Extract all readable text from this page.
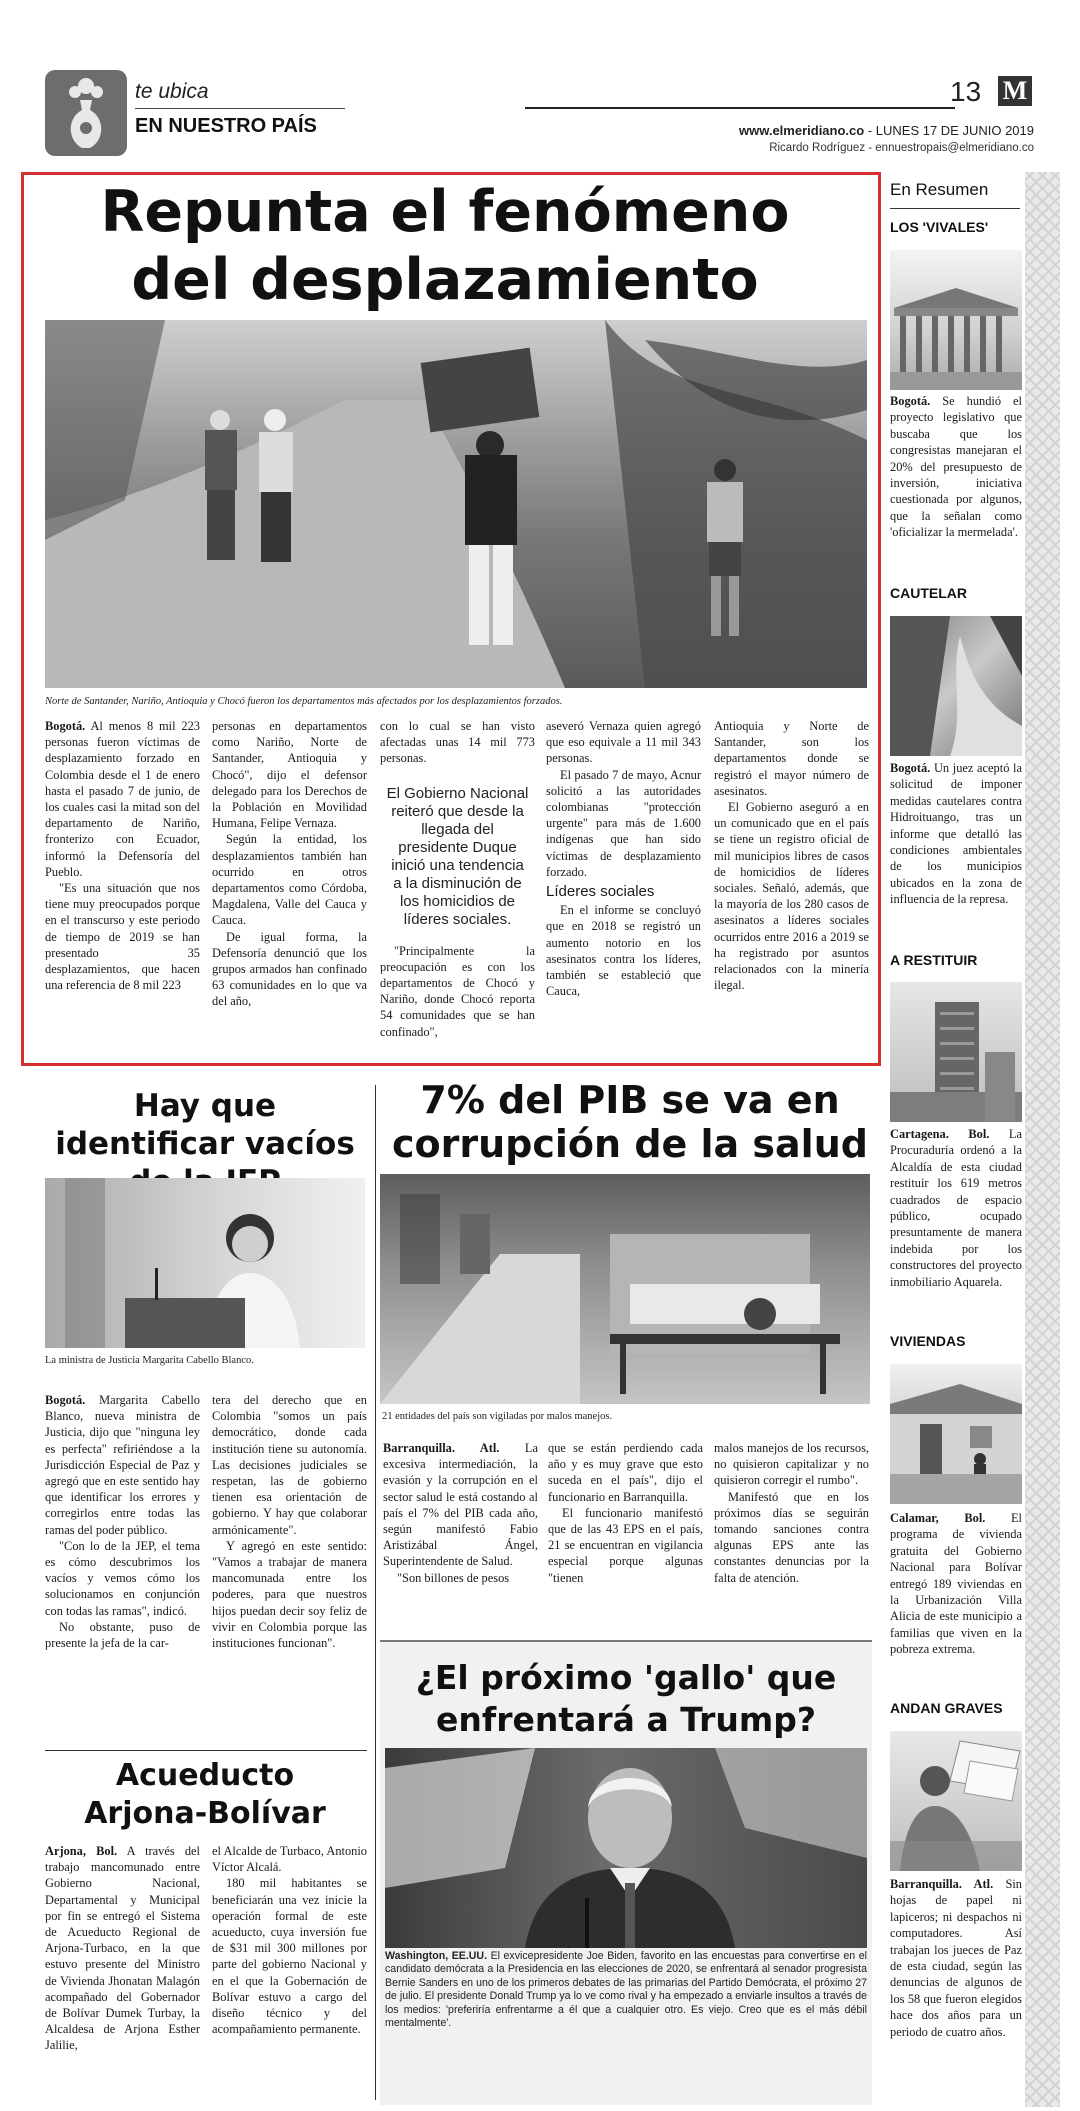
te ubica
EN NUESTRO PAÍS
13 M
www.elmeridiano.co - LUNES 17 DE JUNIO 2019
Ricardo Rodríguez - ennuestropais@elmeridiano.co
Repunta el fenómeno del desplazamiento
Norte de Santander, Nariño, Antioquia y Chocó fueron los departamentos más afectados por los desplazamientos forzados.

Bogotá. Al menos 8 mil 223 personas fueron víctimas de desplazamiento forzado en Colombia desde el 1 de enero hasta el pasado 7 de junio, de los cuales casi la mitad son del departamento de Nariño, fronterizo con Ecuador, informó la Defensoría del Pueblo.

"Es una situación que nos tiene muy preocupados porque en el transcurso y este periodo de tiempo de 2019 se han presentado 35 desplazamientos, que hacen una referencia de 8 mil 223

personas en departamentos como Nariño, Norte de Santander, Antioquia y Chocó", dijo el defensor delegado para los Derechos de la Población en Movilidad Humana, Felipe Vernaza.

Según la entidad, los desplazamientos también han ocurrido en otros departamentos como Córdoba, Magdalena, Valle del Cauca y Cauca.

De igual forma, la Defensoría denunció que los grupos armados han confinado 63 comunidades en lo que va del año,

con lo cual se han visto afectadas unas 14 mil 773 personas.

El Gobierno Nacional reiteró que desde la llegada del presidente Duque inició una tendencia a la disminución de los homicidios de líderes sociales.

"Principalmente la preocupación es con los departamentos de Chocó y Nariño, donde Chocó reporta 54 comunidades que se han confinado",

aseveró Vernaza quien agregó que eso equivale a 11 mil 343 personas.

El pasado 7 de mayo, Acnur solicitó a las autoridades colombianas "protección urgente" para más de 1.600 indígenas que han sido víctimas de desplazamiento forzado.

Líderes sociales

En el informe se concluyó que en 2018 se registró un aumento notorio en los asesinatos contra los líderes, también se estableció que Cauca,

Antioquia y Norte de Santander, son los departamentos donde se registró el mayor número de asesinatos.

El Gobierno aseguró a en un comunicado que en el país se tiene un registro oficial de mil municipios libres de casos de homicidios de líderes sociales. Señaló, además, que la mayoría de los 280 casos de asesinatos a líderes sociales ocurridos entre 2016 a 2019 se ha registrado por asuntos relacionados con la minería ilegal.

Hay que identificar vacíos
La ministra de Justicia Margarita Cabello Blanco.

Bogotá. Margarita Cabello Blanco, nueva ministra de Justicia, dijo que "ninguna ley es perfecta" refiriéndose a la Jurisdicción Especial de Paz y agregó que en este sentido hay que identificar los errores y corregirlos entre todas las ramas del poder público.

"Con lo de la JEP, el tema es cómo descubrimos los vacíos y vemos cómo los solucionamos en conjunción con todas las ramas", indicó.

No obstante, puso de presente la jefa de la car-

tera del derecho que en Colombia "somos un país democrático, donde cada institución tiene su autonomía. Las decisiones judiciales se respetan, las de gobierno tienen esa orientación de gobierno. Y hay que colaborar armónicamente".

Y agregó en este sentido: "Vamos a trabajar de manera mancomunada entre los poderes, para que nuestros hijos puedan decir soy feliz de vivir en Colombia porque las instituciones funcionan".

Acueducto Arjona-Bolívar

Arjona, Bol. A través del trabajo mancomunado entre Gobierno Nacional, Departamental y Municipal por fin se entregó el Sistema de Acueducto Regional de Arjona-Turbaco, en la que estuvo presente del Ministro de Vivienda Jhonatan Malagón acompañado del Gobernador de Bolívar Dumek Turbay, la Alcaldesa de Arjona Esther Jalilie,

el Alcalde de Turbaco, Antonio Víctor Alcalá.

180 mil habitantes se beneficiarán una vez inicie la operación formal de este acueducto, cuya inversión fue de $31 mil 300 millones por parte del gobierno Nacional y en el que la Gobernación de Bolívar estuvo a cargo del diseño técnico y del acompañamiento permanente.

7% del PIB se va en corrupción de la salud
21 entidades del país son vigiladas por malos manejos.

Barranquilla. Atl. La excesiva intermediación, la evasión y la corrupción en el sector salud le está costando al país el 7% del PIB cada año, según manifestó Fabio Aristizábal Ángel, Superintendente de Salud.

"Son billones de pesos

que se están perdiendo cada año y es muy grave que esto suceda en el país", dijo el funcionario en Barranquilla.

El funcionario manifestó que de las 43 EPS en el país, 21 se encuentran en vigilancia especial porque algunas "tienen

malos manejos de los recursos, no quisieron capitalizar y no quisieron corregir el rumbo".

Manifestó que en los próximos días se seguirán tomando sanciones contra algunas EPS ante las constantes denuncias por la falta de atención.

¿El próximo 'gallo' que enfrentará a Trump?
Washington, EE.UU. El exvicepresidente Joe Biden, favorito en las encuestas para convertirse en el candidato demócrata a la Presidencia en las elecciones de 2020, se enfrentará al senador progresista Bernie Sanders en uno de los primeros debates de las primarias del Partido Demócrata, el próximo 27 de julio. El presidente Donald Trump ya lo ve como rival y ha empezado a enviarle insultos a través de los medios: 'preferiría enfrentarme a él que a cualquier otro. Es viejo. Creo que es el más débil mentalmente'.
En Resumen
LOS 'VIVALES'
Bogotá. Se hundió el proyecto legislativo que buscaba que los congresistas manejaran el 20% del presupuesto de inversión, iniciativa cuestionada por algunos, que la señalan como 'oficializar la mermelada'.
CAUTELAR
Bogotá. Un juez aceptó la solicitud de imponer medidas cautelares contra Hidroituango, tras un informe que detalló las condiciones ambientales de los municipios ubicados en la zona de influencia de la represa.
A RESTITUIR
Cartagena. Bol. La Procuraduría ordenó a la Alcaldía de esta ciudad restituir los 619 metros cuadrados de espacio público, ocupado presuntamente de manera indebida por los constructores del proyecto inmobiliario Aquarela.
VIVIENDAS
Calamar, Bol. El programa de vivienda gratuita del Gobierno Nacional para Bolívar entregó 189 viviendas en la Urbanización Villa Alicia de este municipio a familias que viven en la pobreza extrema.
ANDAN GRAVES
Barranquilla. Atl. Sin hojas de papel ni lapiceros; ni despachos ni computadores. Así trabajan los jueces de Paz de esta ciudad, según las denuncias de algunos de los 58 que fueron elegidos hace dos años para un periodo de cuatro años.
